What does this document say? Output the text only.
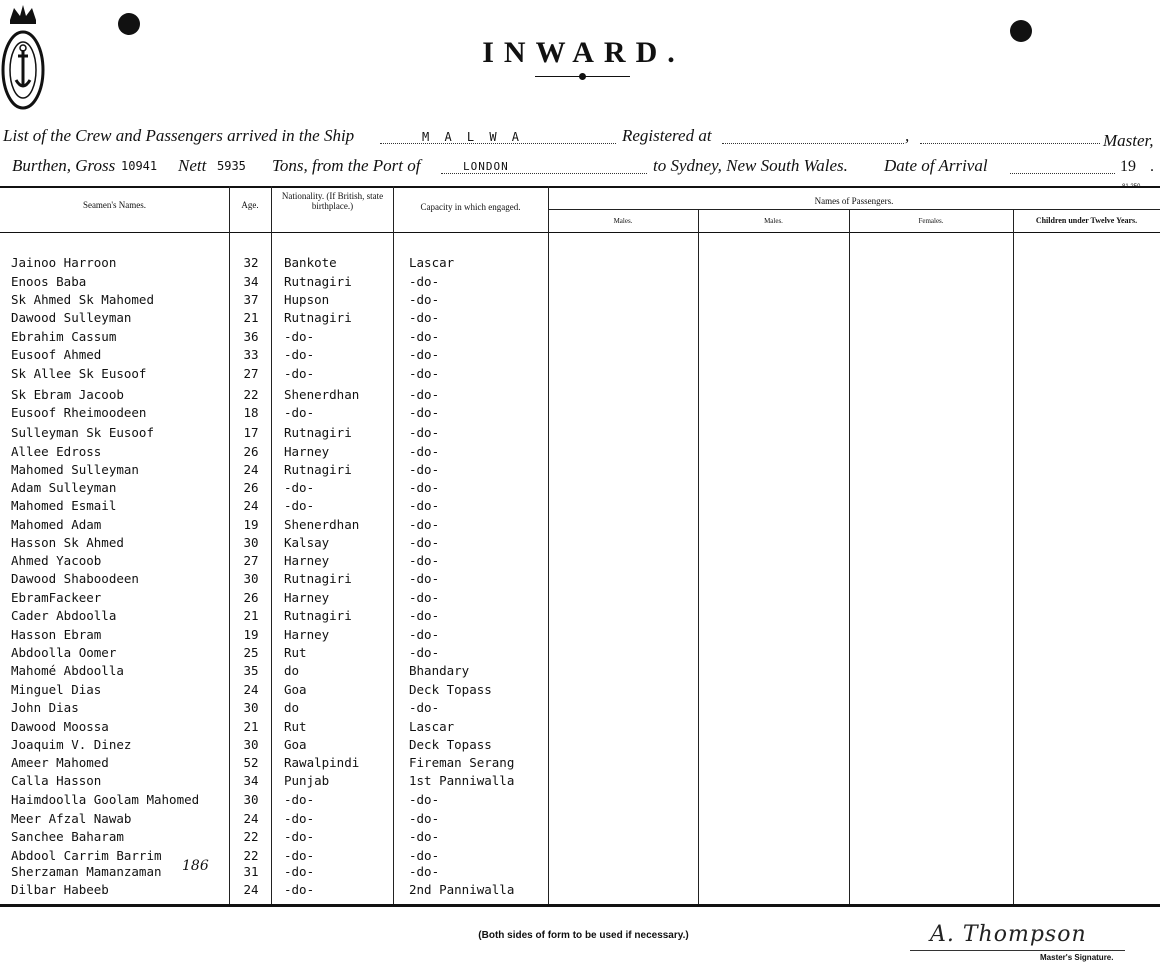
INWARD.
List of the Crew and Passengers arrived in the Ship	M A L W A	Registered at	,	Master,
Burthen, Gross 10941 Nett 5935 Tons, from the Port of	LONDON	to Sydney, New South Wales. Date of Arrival	19 .
Seamen's Names.	Age.
Nationality. (If British, state birthplace.)	Capacity in which engaged.
Names of Passengers.
Males.	Males.	Females.	Children under Twelve Years.
Jainoo Harroon	32	Bankote	Lascar
Enoos Baba	34	Rutnagiri	-do-
Sk Ahmed Sk Mahomed	37	Hupson	-do-
Dawood Sulleyman	21	Rutnagiri	-do-
Ebrahim Cassum	36	-do-	-do-
Eusoof Ahmed	33	-do-	-do-
Sk Allee Sk Eusoof	27	-do-	-do-
Sk Ebram Jacoob	22	Shenerdhan	-do-
Eusoof Rheimoodeen	18	-do-	-do-
Sulleyman Sk Eusoof	17	Rutnagiri	-do-
Allee Edross	26	Harney	-do-
Mahomed Sulleyman	24	Rutnagiri	-do-
Adam Sulleyman	26	-do-	-do-
Mahomed Esmail	24	-do-	-do-
Mahomed Adam	19	Shenerdhan	-do-
Hasson Sk Ahmed	30	Kalsay	-do-
Ahmed Yacoob	27	Harney	-do-
Dawood Shaboodeen	30	Rutnagiri	-do-
EbramFackeer	26	Harney	-do-
Cader Abdoolla	21	Rutnagiri	-do-
Hasson Ebram	19	Harney	-do-
Abdoolla Oomer	25	Rut	-do-
Mahomé Abdoolla	35	do	Bhandary
Minguel Dias	24	Goa	Deck Topass
John Dias	30	do	-do-
Dawood Moossa	21	Rut	Lascar
Joaquim V. Dinez	30	Goa	Deck Topass
Ameer Mahomed	52	Rawalpindi	Fireman Serang
Calla Hasson	34	Punjab	1st Panniwalla
Haimdoolla Goolam Mahomed	30	-do-	-do-
Meer Afzal Nawab	24	-do-	-do-
Sanchee Baharam	22	-do-	-do-
Abdool Carrim Barrim	22	-do-	-do-
Sherzaman Mamanzaman	31	-do-	-do-
Dilbar Habeeb	24	-do-	2nd Panniwalla
186
(Both sides of form to be used if necessary.)	A. Thompson
Master's Signature.
